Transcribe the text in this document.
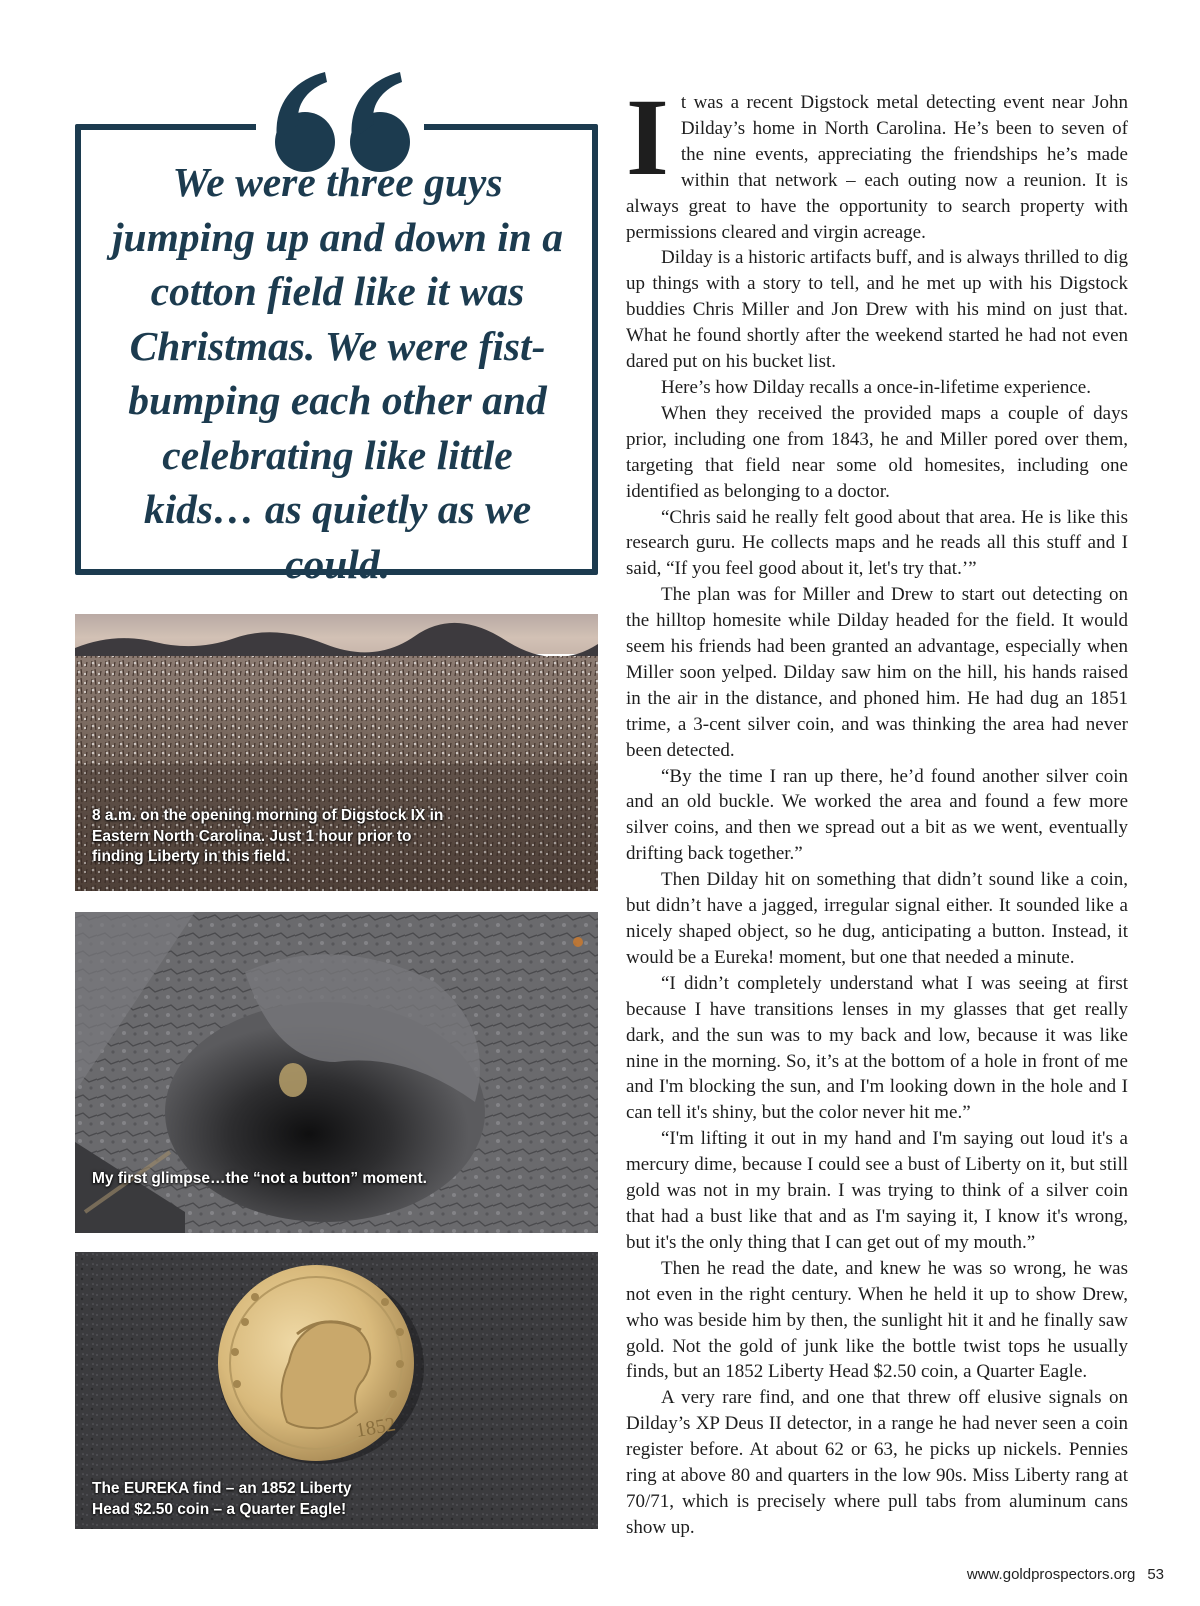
We were three guys jumping up and down in a cotton field like it was Christmas. We were fist-bumping each other and celebrating like little kids… as quietly as we could.

8 a.m. on the opening morning of Digstock IX in Eastern North Carolina. Just 1 hour prior to finding Liberty in this field.

My first glimpse…the “not a button” moment.

1852

The EUREKA find – an 1852 Liberty Head $2.50 coin – a Quarter Eagle!

It was a recent Digstock metal detecting event near John Dilday’s home in North Carolina. He’s been to seven of the nine events, appreciating the friendships he’s made within that network – each outing now a reunion. It is always great to have the opportunity to search property with permissions cleared and virgin acreage.

Dilday is a historic artifacts buff, and is always thrilled to dig up things with a story to tell, and he met up with his Digstock buddies Chris Miller and Jon Drew with his mind on just that. What he found shortly after the weekend started he had not even dared put on his bucket list.

Here’s how Dilday recalls a once-in-lifetime experience.

When they received the provided maps a couple of days prior, including one from 1843, he and Miller pored over them, targeting that field near some old homesites, including one identified as belonging to a doctor.

“Chris said he really felt good about that area. He is like this research guru. He collects maps and he reads all this stuff and I said, “If you feel good about it, let's try that.’”

The plan was for Miller and Drew to start out detecting on the hilltop homesite while Dilday headed for the field. It would seem his friends had been granted an advantage, especially when Miller soon yelped. Dilday saw him on the hill, his hands raised in the air in the distance, and phoned him. He had dug an 1851 trime, a 3-cent silver coin, and was thinking the area had never been detected.

“By the time I ran up there, he’d found another silver coin and an old buckle. We worked the area and found a few more silver coins, and then we spread out a bit as we went, eventually drifting back together.”

Then Dilday hit on something that didn’t sound like a coin, but didn’t have a jagged, irregular signal either. It sounded like a nicely shaped object, so he dug, anticipating a button. Instead, it would be a Eureka! moment, but one that needed a minute.

“I didn’t completely understand what I was seeing at first because I have transitions lenses in my glasses that get really dark, and the sun was to my back and low, because it was like nine in the morning. So, it’s at the bottom of a hole in front of me and I'm blocking the sun, and I'm looking down in the hole and I can tell it's shiny, but the color never hit me.”

“I'm lifting it out in my hand and I'm saying out loud it's a mercury dime, because I could see a bust of Liberty on it, but still gold was not in my brain. I was trying to think of a silver coin that had a bust like that and as I'm saying it, I know it's wrong, but it's the only thing that I can get out of my mouth.”

Then he read the date, and knew he was so wrong, he was not even in the right century. When he held it up to show Drew, who was beside him by then, the sunlight hit it and he finally saw gold. Not the gold of junk like the bottle twist tops he usually finds, but an 1852 Liberty Head $2.50 coin, a Quarter Eagle.

A very rare find, and one that threw off elusive signals on Dilday’s XP Deus II detector, in a range he had never seen a coin register before. At about 62 or 63, he picks up nickels. Pennies ring at above 80 and quarters in the low 90s. Miss Liberty rang at 70/71, which is precisely where pull tabs from aluminum cans show up.

www.goldprospectors.org 53
